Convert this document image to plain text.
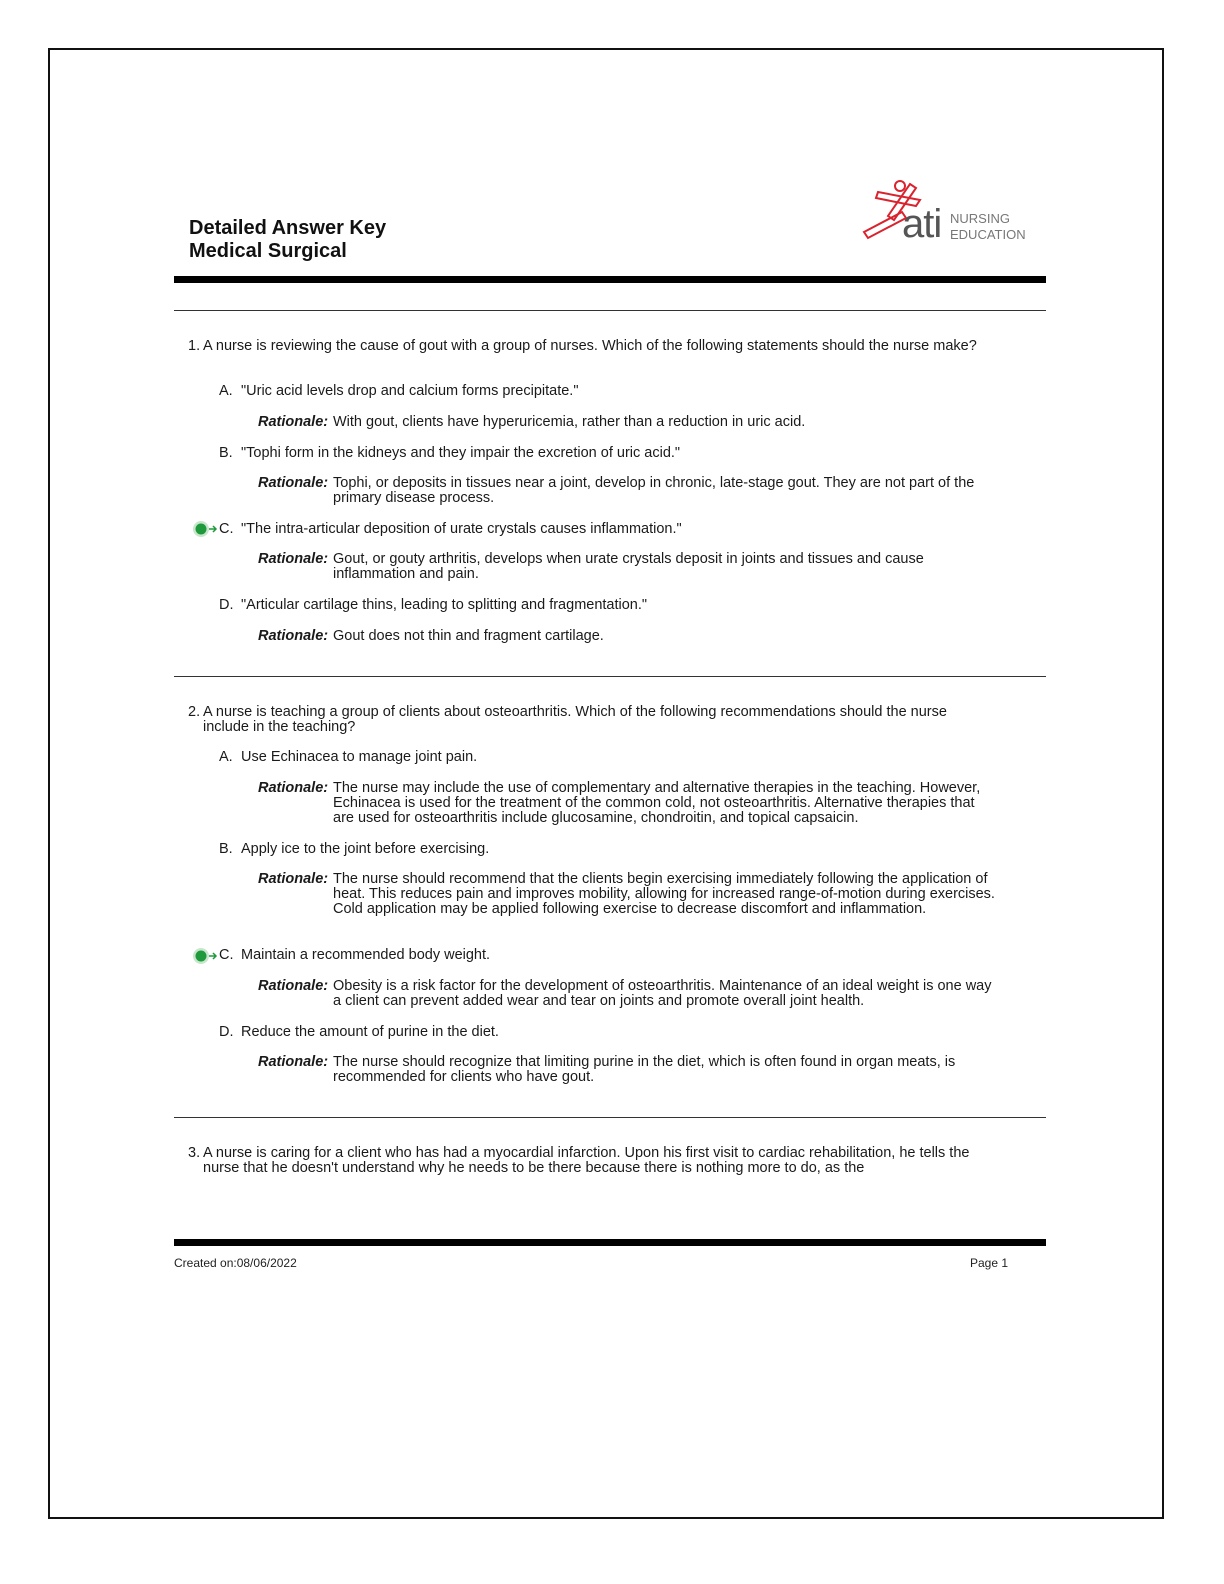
Detailed Answer Key
Medical Surgical
ati NURSING
EDUCATION
1. A nurse is reviewing the cause of gout with a group of nurses. Which of the following statements should the nurse make?
A. "Uric acid levels drop and calcium forms precipitate."
Rationale: With gout, clients have hyperuricemia, rather than a reduction in uric acid.
B. "Tophi form in the kidneys and they impair the excretion of uric acid."
Rationale: Tophi, or deposits in tissues near a joint, develop in chronic, late-stage gout. They are not part of the primary disease process.
C. "The intra-articular deposition of urate crystals causes inflammation."
Rationale: Gout, or gouty arthritis, develops when urate crystals deposit in joints and tissues and cause inflammation and pain.
D. "Articular cartilage thins, leading to splitting and fragmentation."
Rationale: Gout does not thin and fragment cartilage.
2. A nurse is teaching a group of clients about osteoarthritis. Which of the following recommendations should the nurse include in the teaching?
A. Use Echinacea to manage joint pain.
Rationale: The nurse may include the use of complementary and alternative therapies in the teaching. However, Echinacea is used for the treatment of the common cold, not osteoarthritis. Alternative therapies that are used for osteoarthritis include glucosamine, chondroitin, and topical capsaicin.
B. Apply ice to the joint before exercising.
Rationale: The nurse should recommend that the clients begin exercising immediately following the application of heat. This reduces pain and improves mobility, allowing for increased range-of-motion during exercises. Cold application may be applied following exercise to decrease discomfort and inflammation.
C. Maintain a recommended body weight.
Rationale: Obesity is a risk factor for the development of osteoarthritis. Maintenance of an ideal weight is one way a client can prevent added wear and tear on joints and promote overall joint health.
D. Reduce the amount of purine in the diet.
Rationale: The nurse should recognize that limiting purine in the diet, which is often found in organ meats, is recommended for clients who have gout.
3. A nurse is caring for a client who has had a myocardial infarction. Upon his first visit to cardiac rehabilitation, he tells the nurse that he doesn't understand why he needs to be there because there is nothing more to do, as the
Created on:08/06/2022	Page 1
